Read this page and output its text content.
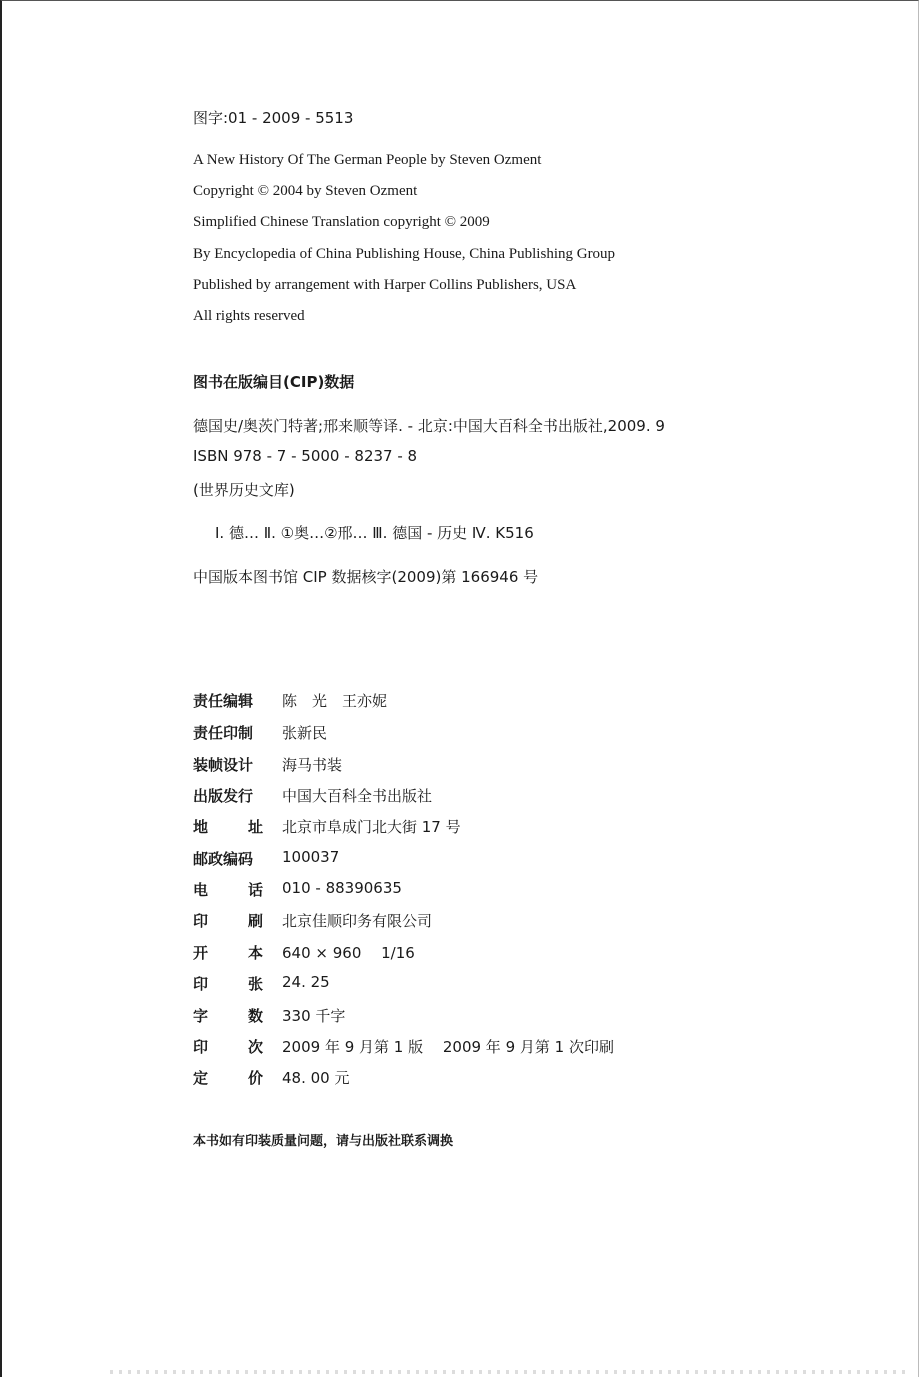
图字:01 - 2009 - 5513
A New History Of The German People by Steven Ozment
Copyright © 2004 by Steven Ozment
Simplified Chinese Translation copyright © 2009
By Encyclopedia of China Publishing House, China Publishing Group
Published by arrangement with Harper Collins Publishers, USA
All rights reserved
图书在版编目(CIP)数据
德国史/奥茨门特著;邢来顺等译. - 北京:中国大百科全书出版社,2009. 9
ISBN 978 - 7 - 5000 - 8237 - 8
(世界历史文库)
Ⅰ. 德… Ⅱ. ①奥…②邢… Ⅲ. 德国 - 历史 Ⅳ. K516
中国版本图书馆 CIP 数据核字(2009)第 166946 号
责任编辑	陈　光　王亦妮
责任印制	张新民
装帧设计	海马书装
出版发行	中国大百科全书出版社
地	址 北京市阜成门北大街 17 号
邮政编码	100037
电	话 010 - 88390635
印	刷 北京佳顺印务有限公司
开	本 640 × 960　 1/16
印	张 24. 25
字	数 330 千字
印	次 2009 年 9 月第 1 版　 2009 年 9 月第 1 次印刷
定	价 48. 00 元
本书如有印装质量问题，请与出版社联系调换
